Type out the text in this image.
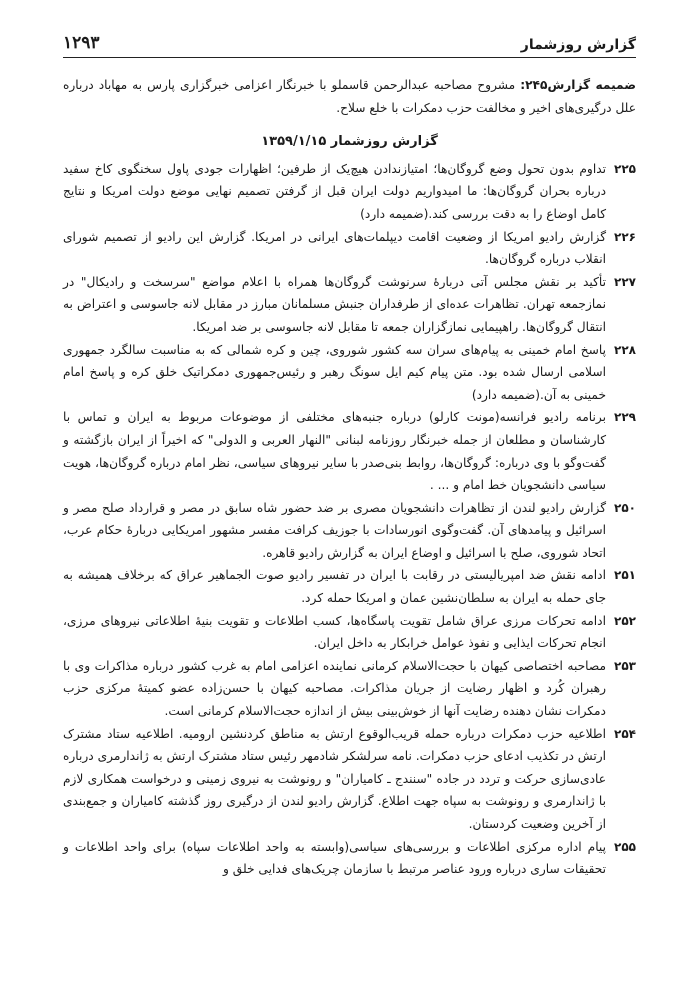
گزارش روزشمار
۱۲۹۳

ضمیمه گزارش۲۴۵: مشروح مصاحبه عبدالرحمن قاسملو با خبرنگار اعزامی خبرگزاری پارس به مهاباد درباره علل درگیری‌های اخیر و مخالفت حزب دمکرات با خلع سلاح.

گزارش روزشمار ۱۳۵۹/۱/۱۵
۲۲۵
تداوم بدون تحول وضع گروگان‌ها؛ امتیازندادن هیچ‌یک از طرفین؛ اظهارات جودی پاول سخنگوی کاخ سفید درباره بحران گروگان‌ها: ما امیدواریم دولت ایران قبل از گرفتن تصمیم نهایی موضع دولت امریکا و نتایج کامل اوضاع را به دقت بررسی کند.(ضمیمه دارد)
۲۲۶
گزارش رادیو امریکا از وضعیت اقامت دیپلمات‌های ایرانی در امریکا. گزارش این رادیو از تصمیم شورای انقلاب درباره گروگان‌ها.
۲۲۷
تأکید بر نقش مجلس آتی دربارهٔ سرنوشت گروگان‌ها همراه با اعلام مواضع "سرسخت و رادیکال" در نمازجمعه تهران. تظاهرات عده‌ای از طرفداران جنبش مسلمانان مبارز در مقابل لانه جاسوسی و اعتراض به انتقال گروگان‌ها. راهپیمایی نمازگزاران جمعه تا مقابل لانه جاسوسی بر ضد امریکا.
۲۲۸
پاسخ امام خمینی به پیام‌های سران سه کشور شوروی، چین و کره شمالی که به مناسبت سالگرد جمهوری اسلامی ارسال شده بود. متن پیام کیم ایل سونگ رهبر و رئیس‌جمهوری دمکراتیک خلق کره و پاسخ امام خمینی به آن.(ضمیمه دارد)
۲۲۹
برنامه رادیو فرانسه(مونت کارلو) درباره جنبه‌های مختلفی از موضوعات مربوط به ایران و تماس با کارشناسان و مطلعان از جمله خبرنگار روزنامه لبنانی "النهار العربی و الدولی" که اخیراً از ایران بازگشته و گفت‌وگو با وی درباره: گروگان‌ها، روابط بنی‌صدر با سایر نیروهای سیاسی، نظر امام درباره گروگان‌ها، هویت سیاسی دانشجویان خط امام و ... .
۲۵۰
گزارش رادیو لندن از تظاهرات دانشجویان مصری بر ضد حضور شاه سابق در مصر و قرارداد صلح مصر و اسرائیل و پیامدهای آن. گفت‌وگوی انورسادات با جوزیف کرافت مفسر مشهور امریکایی دربارهٔ حکام عرب، اتحاد شوروی، صلح با اسرائیل و اوضاع ایران به گزارش رادیو قاهره.
۲۵۱
ادامه نقش ضد امپریالیستی در رقابت با ایران در تفسیر رادیو صوت الجماهیر عراق که برخلاف همیشه به جای حمله به ایران به سلطان‌نشین عمان و امریکا حمله کرد.
۲۵۲
ادامه تحرکات مرزی عراق شامل تقویت پاسگاه‌ها، کسب اطلاعات و تقویت بنیهٔ اطلاعاتی نیروهای مرزی، انجام تحرکات ایذایی و نفوذ عوامل خرابکار به داخل ایران.
۲۵۳
مصاحبه اختصاصی کیهان با حجت‌الاسلام کرمانی نماینده اعزامی امام به غرب کشور درباره مذاکرات وی با رهبران کُرد و اظهار رضایت از جریان مذاکرات. مصاحبه کیهان با حسن‌زاده عضو کمیتهٔ مرکزی حزب دمکرات نشان دهنده رضایت آنها از خوش‌بینی بیش از اندازه حجت‌الاسلام کرمانی است.
۲۵۴
اطلاعیه حزب دمکرات درباره حمله قریب‌الوقوع ارتش به مناطق کردنشین ارومیه. اطلاعیه ستاد مشترک ارتش در تکذیب ادعای حزب دمکرات. نامه سرلشکر شادمهر رئیس ستاد مشترک ارتش به ژاندارمری درباره عادی‌سازی حرکت و تردد در جاده "سنندج ـ کامیاران" و رونوشت به نیروی زمینی و درخواست همکاری لازم با ژاندارمری و رونوشت به سپاه جهت اطلاع. گزارش رادیو لندن از درگیری روز گذشته کامیاران و جمع‌بندی از آخرین وضعیت کردستان.
۲۵۵
پیام اداره مرکزی اطلاعات و بررسی‌های سیاسی(وابسته به واحد اطلاعات سپاه) برای واحد اطلاعات و تحقیقات ساری درباره ورود عناصر مرتبط با سازمان چریک‌های فدایی خلق و
